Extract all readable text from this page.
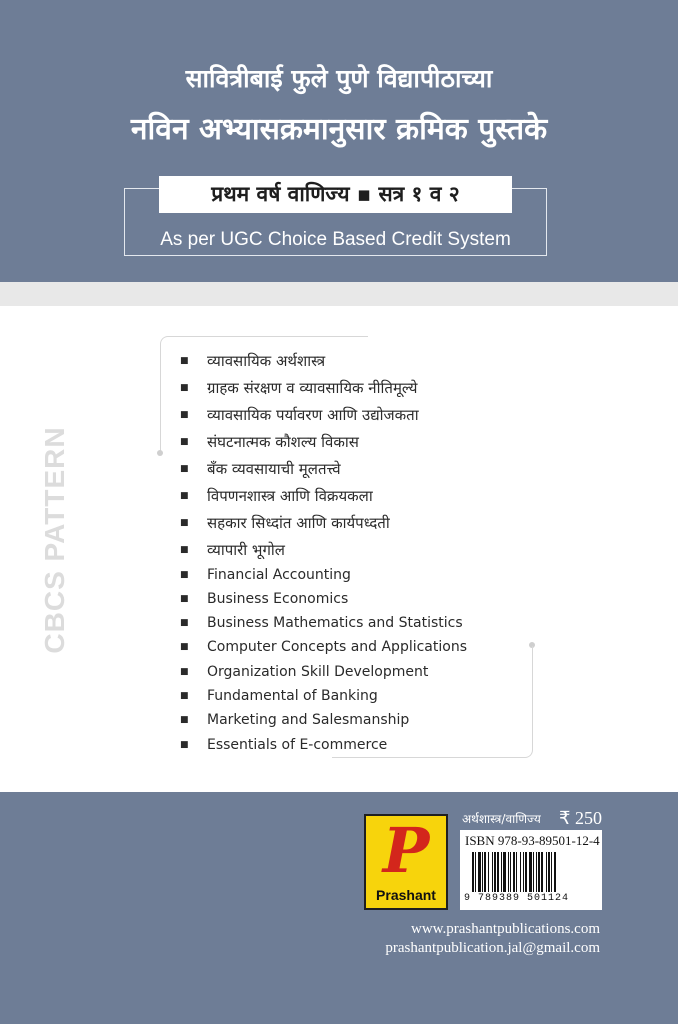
सावित्रीबाई फुले पुणे विद्यापीठाच्या
नविन अभ्यासक्रमानुसार क्रमिक पुस्तके
प्रथम वर्ष वाणिज्य ▪ सत्र १ व २
As per UGC Choice Based Credit System
CBCS PATTERN
■ व्यावसायिक अर्थशास्त्र
■ ग्राहक संरक्षण व व्यावसायिक नीतिमूल्ये
■ व्यावसायिक पर्यावरण आणि उद्योजकता
■ संघटनात्मक कौशल्य विकास
■ बँक व्यवसायाची मूलतत्त्वे
■ विपणनशास्त्र आणि विक्रयकला
■ सहकार सिध्दांत आणि कार्यपध्दती
■ व्यापारी भूगोल
■ Financial Accounting
■ Business Economics
■ Business Mathematics and Statistics
■ Computer Concepts and Applications
■ Organization Skill Development
■ Fundamental of Banking
■ Marketing and Salesmanship
■ Essentials of E-commerce
P
Prashant
अर्थशास्त्र/वाणिज्य ₹ 250
ISBN 978-93-89501-12-4
9 789389 501124
www.prashantpublications.com
prashantpublication.jal@gmail.com
